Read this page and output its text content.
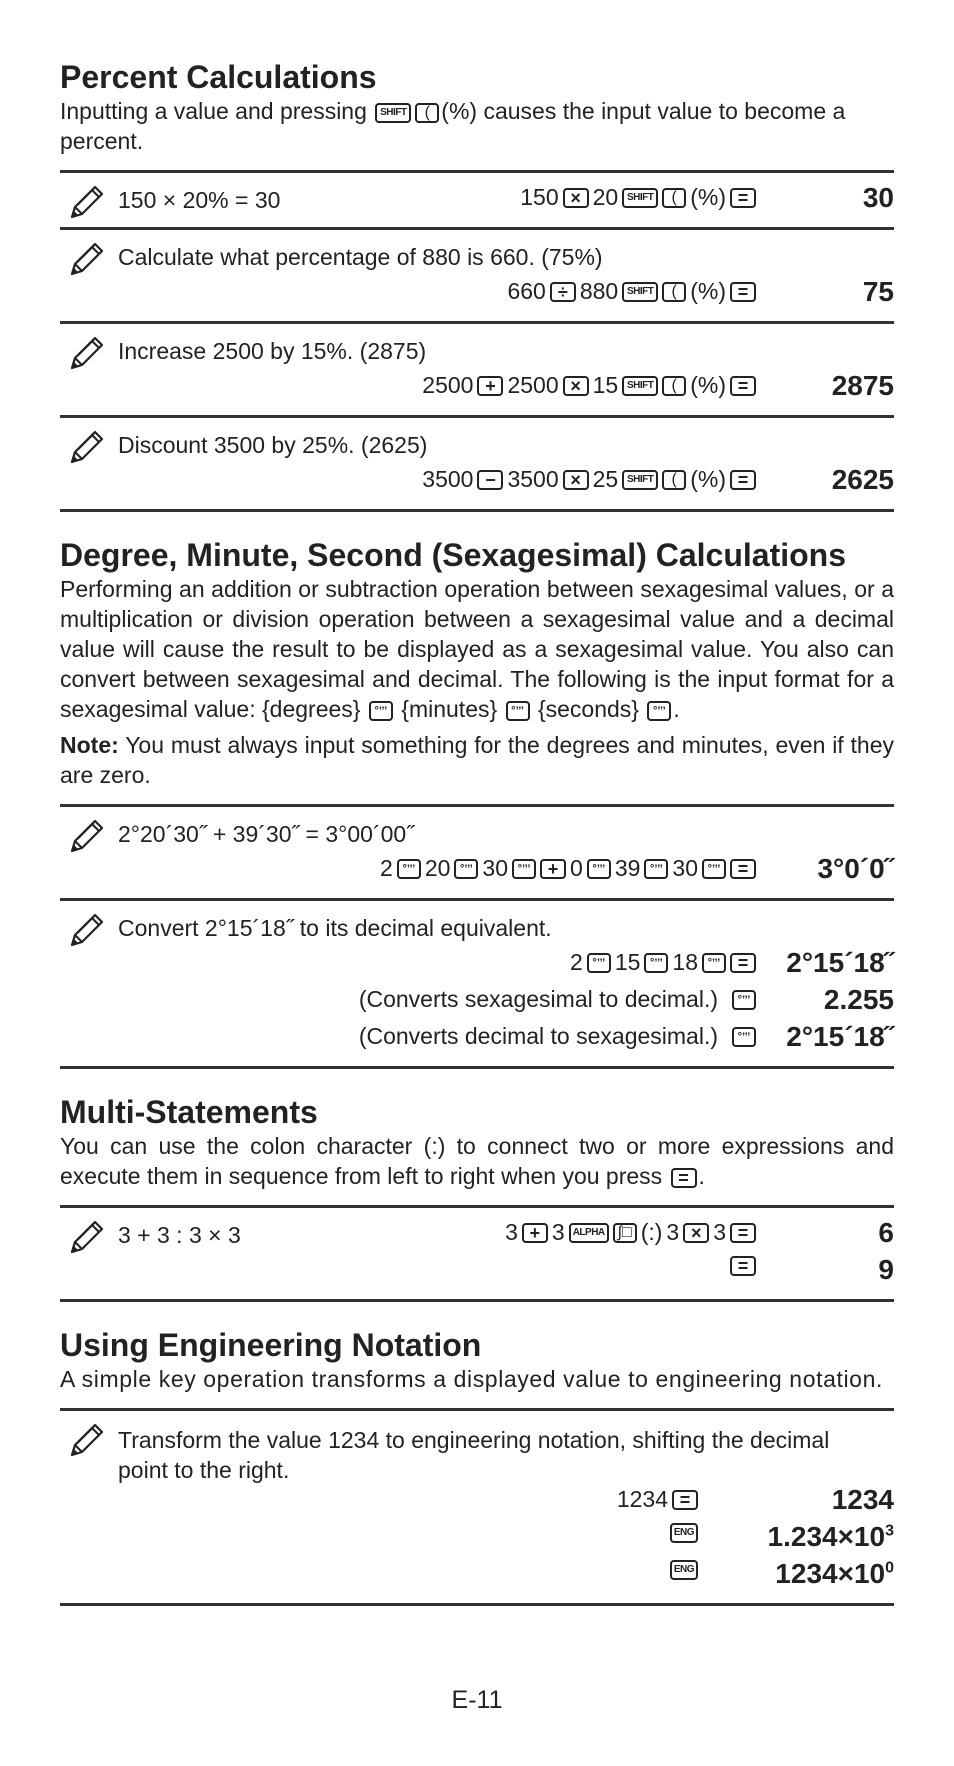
Percent Calculations

Inputting a value and pressing SHIFT ( (%) causes the input value to become a percent.

150 × 20% = 30	150 × 20 SHIFT	( (%) =	30
Calculate what percentage of 880 is 660. (75%)
660 ÷ 880 SHIFT	( (%) =	75
Increase 2500 by 15%. (2875)
2500 + 2500 × 15 SHIFT	( (%) =	2875
Discount 3500 by 25%. (2625)
3500 − 3500 × 25 SHIFT	( (%) =	2625
Degree, Minute, Second (Sexagesimal) Calculations

Performing an addition or subtraction operation between sexagesimal values, or a multiplication or division operation between a sexagesimal value and a decimal value will cause the result to be displayed as a sexagesimal value. You also can convert between sexagesimal and decimal. The following is the input format for a sexagesimal value: {degrees} °’’’ {minutes} °’’’ {seconds} °’’’ .

Note: You must always input something for the degrees and minutes, even if they are zero.

2°20´30˝ + 39´30˝ = 3°00´00˝
2 °’’’ 20 °’’’ 30 °’’’ + 0 °’’’ 39 °’’’ 30 °’’’ = 3°0´0˝
Convert 2°15´18˝ to its decimal equivalent.
2 °’’’ 15 °’’’ 18 °’’’ = 2°15´18˝
(Converts sexagesimal to decimal.)	°’’’	2.255
(Converts decimal to sexagesimal.)	°’’’ 2°15´18˝
Multi-Statements

You can use the colon character (:) to connect two or more expressions and execute them in sequence from left to right when you press = .

3 + 3 : 3 × 3	3 + 3 ALPHA ∫□ (:) 3 × 3 =	6
=	9
Using Engineering Notation

A simple key operation transforms a displayed value to engineering notation.

Transform the value 1234 to engineering notation, shifting the decimal point to the right.
1234 =	1234
ENG	$1.234\times 10^3$
ENG	$1234\times 10^0$
E-11
